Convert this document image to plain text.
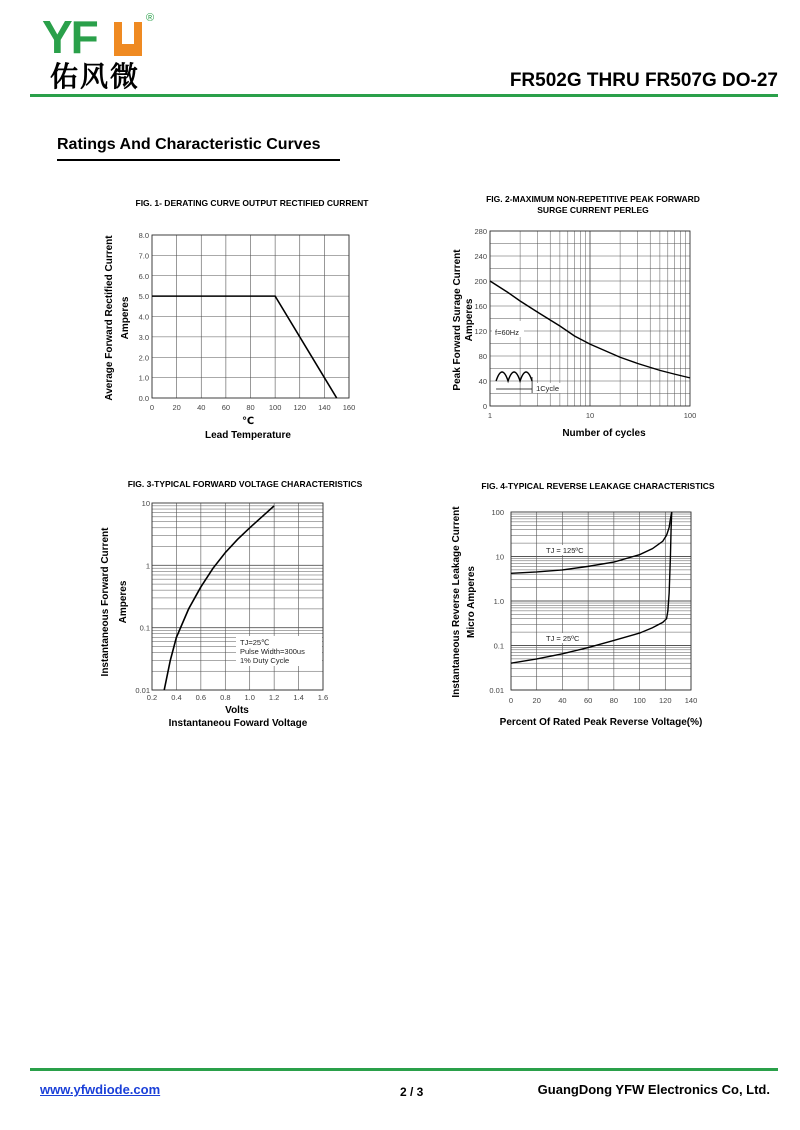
YF	®
佑风微	FR502G THRU FR507G DO-27
Ratings And Characteristic Curves
FIG. 1- DERATING CURVE OUTPUT RECTIFIED CURRENT
0 20 40 60 80 100 120 140 160
0.0
1.0
2.0
3.0
4.0
5.0
6.0
7.0
8.0
℃
Lead Temperature
Average Forward Rectified Current Amperes
FIG. 2-MAXIMUM NON-REPETITIVE PEAK FORWARD
SURGE CURRENT PERLEG
0
40
80
120
160
200
240
280
1	10	100
f=60Hz
1Cycle
Number of cycles
Peak Forward Surage Current Amperes
FIG. 3-TYPICAL FORWARD VOLTAGE CHARACTERISTICS
0.01
0.1
1
10
0.2 0.4 0.6 0.8 1.0 1.2 1.4 1.6
TJ=25℃
Pulse Width=300us
1% Duty Cycle
Volts
Instantaneou Foward Voltage
Instantaneous Forward Current Amperes
FIG. 4-TYPICAL REVERSE LEAKAGE CHARACTERISTICS
0.01
0.1
1.0
10
100
0	20 40 60 80 100 120 140
TJ = 125ºC
TJ = 25ºC
Percent Of Rated Peak Reverse Voltage(%)
Instantaneous Reverse Leakage Current Micro Amperes
www.yfwdiode.com	2 / 3	GuangDong YFW Electronics Co, Ltd.
